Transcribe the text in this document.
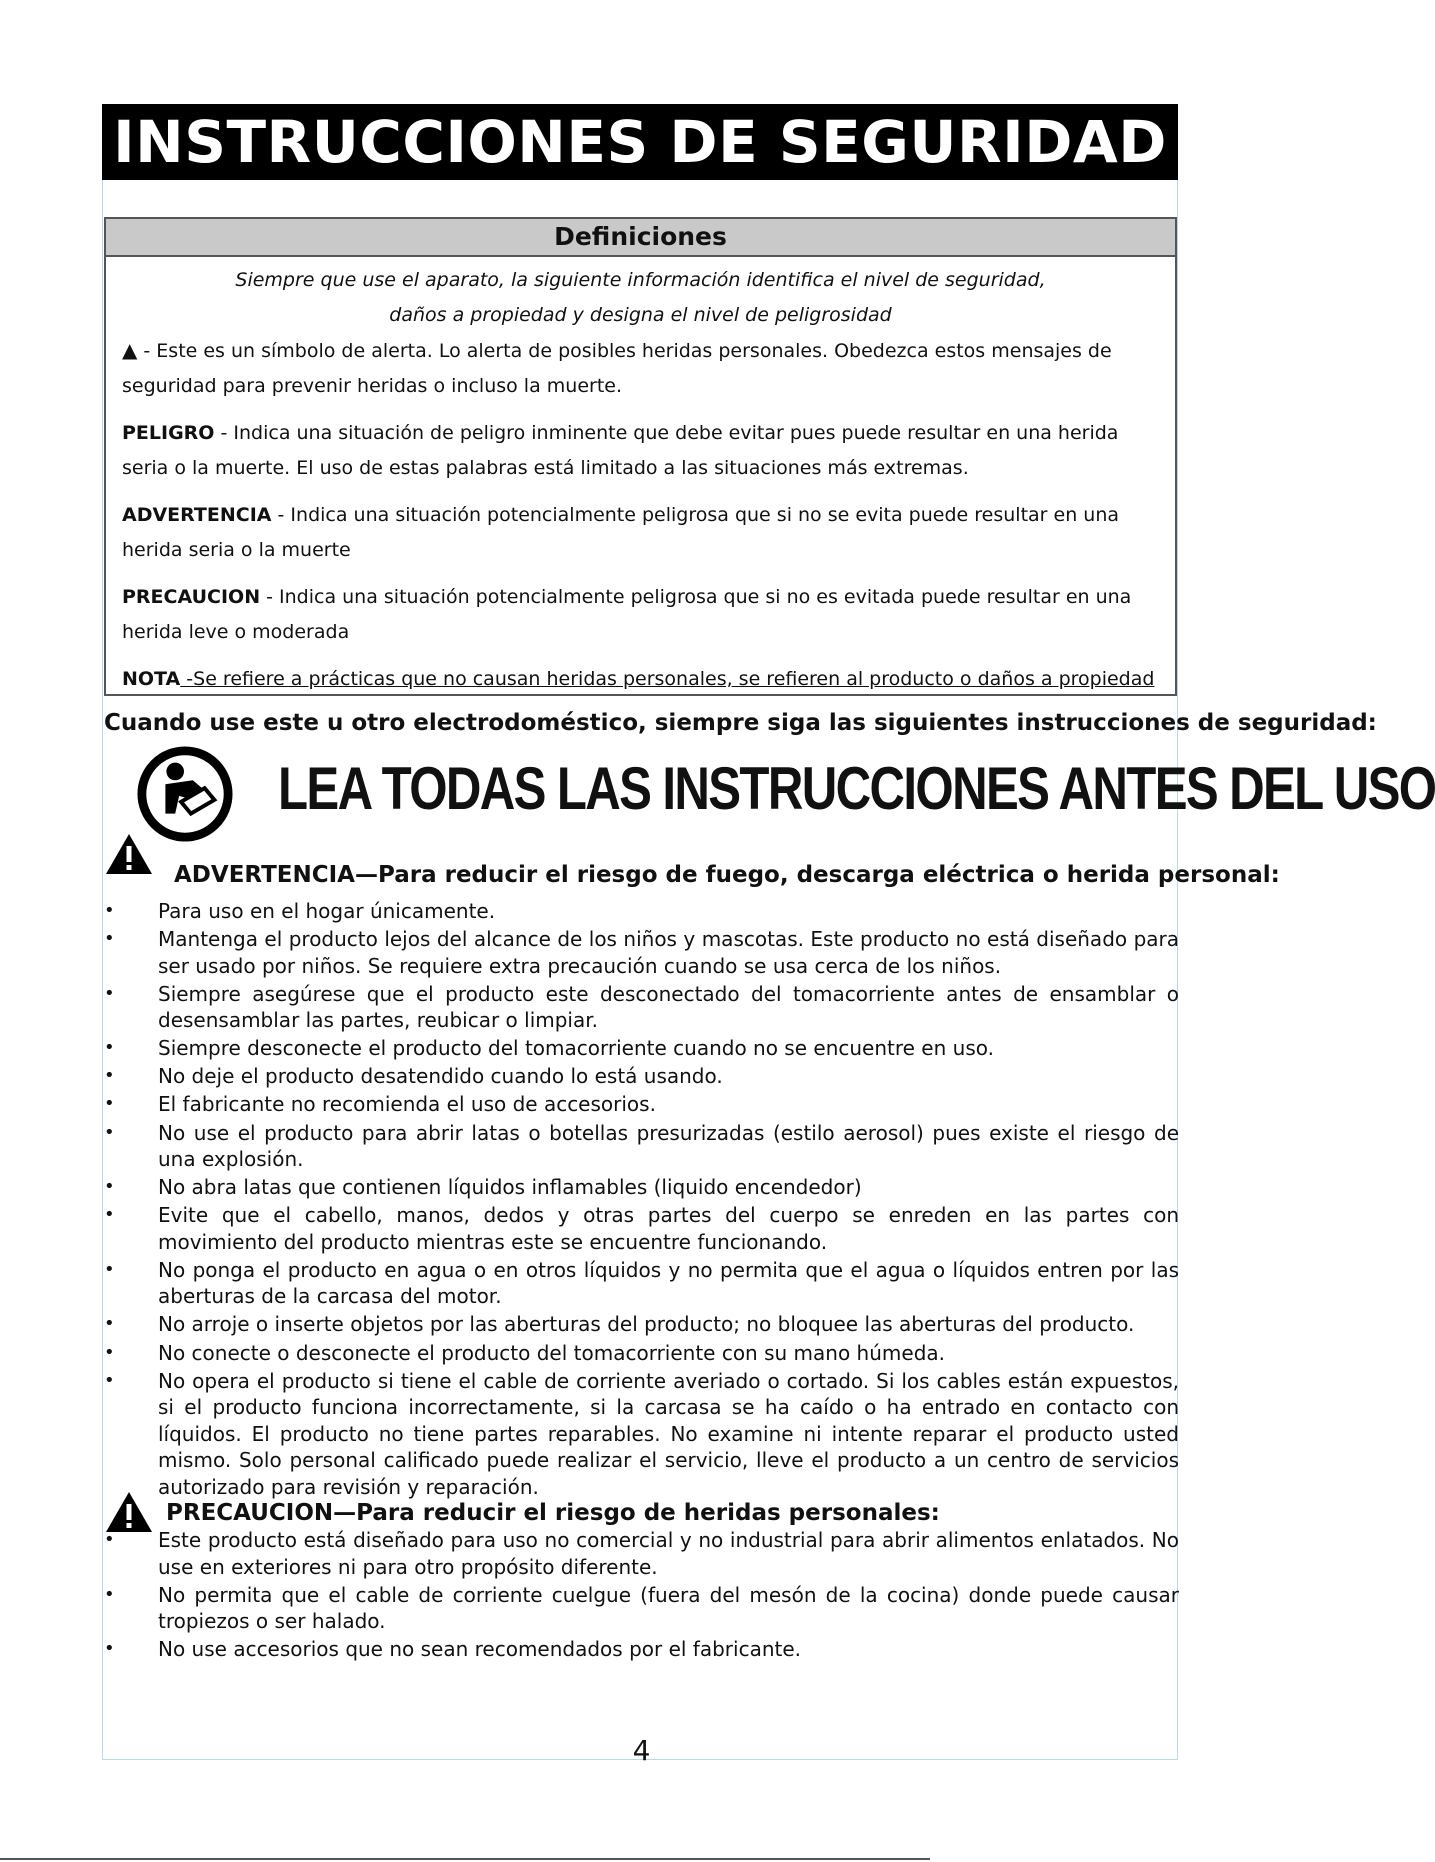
INSTRUCCIONES DE SEGURIDAD
Definiciones
Siempre que use el aparato, la siguiente información identifica el nivel de seguridad,
daños a propiedad y designa el nivel de peligrosidad

▲ - Este es un símbolo de alerta. Lo alerta de posibles heridas personales. Obedezca estos mensajes de seguridad para prevenir heridas o incluso la muerte.

PELIGRO - Indica una situación de peligro inminente que debe evitar pues puede resultar en una herida seria o la muerte. El uso de estas palabras está limitado a las situaciones más extremas.

ADVERTENCIA - Indica una situación potencialmente peligrosa que si no se evita puede resultar en una herida seria o la muerte

PRECAUCION - Indica una situación potencialmente peligrosa que si no es evitada puede resultar en una herida leve o moderada

NOTA -Se refiere a prácticas que no causan heridas personales, se refieren al producto o daños a propiedad

Cuando use este u otro electrodoméstico, siempre siga las siguientes instrucciones de seguridad:
LEA TODAS LAS INSTRUCCIONES ANTES DEL USO
ADVERTENCIA—Para reducir el riesgo de fuego, descarga eléctrica o herida personal:
• Para uso en el hogar únicamente.
• Mantenga el producto lejos del alcance de los niños y mascotas. Este producto no está diseñado para ser usado por niños. Se requiere extra precaución cuando se usa cerca de los niños.
• Siempre asegúrese que el producto este desconectado del tomacorriente antes de ensamblar o desensamblar las partes, reubicar o limpiar.
• Siempre desconecte el producto del tomacorriente cuando no se encuentre en uso.
• No deje el producto desatendido cuando lo está usando.
• El fabricante no recomienda el uso de accesorios.
• No use el producto para abrir latas o botellas presurizadas (estilo aerosol) pues existe el riesgo de una explosión.
• No abra latas que contienen líquidos inflamables (liquido encendedor)
• Evite que el cabello, manos, dedos y otras partes del cuerpo se enreden en las partes con movimiento del producto mientras este se encuentre funcionando.
• No ponga el producto en agua o en otros líquidos y no permita que el agua o líquidos entren por las aberturas de la carcasa del motor.
• No arroje o inserte objetos por las aberturas del producto; no bloquee las aberturas del producto.
• No conecte o desconecte el producto del tomacorriente con su mano húmeda.
• No opera el producto si tiene el cable de corriente averiado o cortado. Si los cables están expuestos, si el producto funciona incorrectamente, si la carcasa se ha caído o ha entrado en contacto con líquidos. El producto no tiene partes reparables. No examine ni intente reparar el producto usted mismo. Solo personal calificado puede realizar el servicio, lleve el producto a un centro de servicios autorizado para revisión y reparación.
PRECAUCION—Para reducir el riesgo de heridas personales:
• Este producto está diseñado para uso no comercial y no industrial para abrir alimentos enlatados. No use en exteriores ni para otro propósito diferente.
• No permita que el cable de corriente cuelgue (fuera del mesón de la cocina) donde puede causar tropiezos o ser halado.
• No use accesorios que no sean recomendados por el fabricante.
4
